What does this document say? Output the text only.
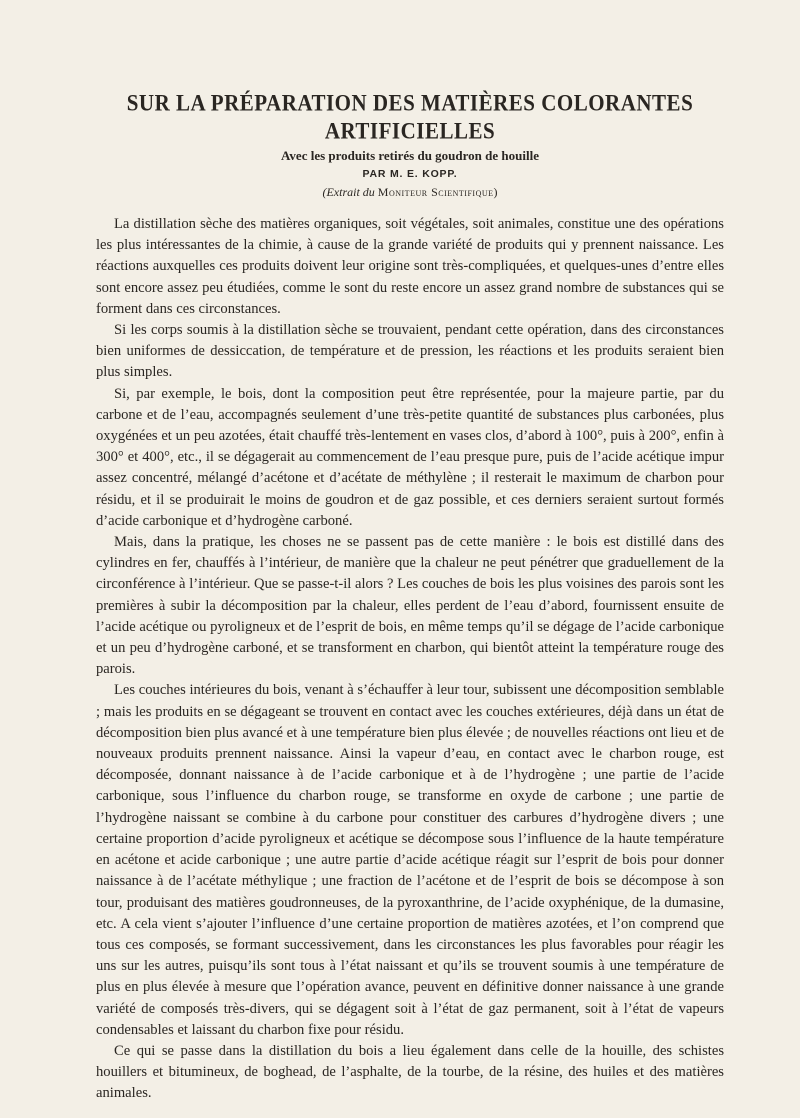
SUR LA PRÉPARATION DES MATIÈRES COLORANTES ARTIFICIELLES
Avec les produits retirés du goudron de houille
PAR M. E. KOPP.
(Extrait du Moniteur Scientifique)

La distillation sèche des matières organiques, soit végétales, soit animales, constitue une des opérations les plus intéressantes de la chimie, à cause de la grande variété de produits qui y prennent naissance. Les réactions auxquelles ces produits doivent leur origine sont très-compliquées, et quelques-unes d’entre elles sont encore assez peu étudiées, comme le sont du reste encore un assez grand nombre de substances qui se forment dans ces circonstances.

Si les corps soumis à la distillation sèche se trouvaient, pendant cette opération, dans des circonstances bien uniformes de dessiccation, de température et de pression, les réactions et les produits seraient bien plus simples.

Si, par exemple, le bois, dont la composition peut être représentée, pour la majeure partie, par du carbone et de l’eau, accompagnés seulement d’une très-petite quantité de substances plus carbonées, plus oxygénées et un peu azotées, était chauffé très-lentement en vases clos, d’abord à 100°, puis à 200°, enfin à 300° et 400°, etc., il se dégagerait au commencement de l’eau presque pure, puis de l’acide acétique impur assez concentré, mélangé d’acétone et d’acétate de méthylène ; il resterait le maximum de charbon pour résidu, et il se produirait le moins de goudron et de gaz possible, et ces derniers seraient surtout formés d’acide carbonique et d’hydrogène carboné.

Mais, dans la pratique, les choses ne se passent pas de cette manière : le bois est distillé dans des cylindres en fer, chauffés à l’intérieur, de manière que la chaleur ne peut pénétrer que graduellement de la circonférence à l’intérieur. Que se passe-t-il alors ? Les couches de bois les plus voisines des parois sont les premières à subir la décomposition par la chaleur, elles perdent de l’eau d’abord, fournissent ensuite de l’acide acétique ou pyroligneux et de l’esprit de bois, en même temps qu’il se dégage de l’acide carbonique et un peu d’hydrogène carboné, et se transforment en charbon, qui bientôt atteint la température rouge des parois.

Les couches intérieures du bois, venant à s’échauffer à leur tour, subissent une décomposition semblable ; mais les produits en se dégageant se trouvent en contact avec les couches extérieures, déjà dans un état de décomposition bien plus avancé et à une température bien plus élevée ; de nouvelles réactions ont lieu et de nouveaux produits prennent naissance. Ainsi la vapeur d’eau, en contact avec le charbon rouge, est décomposée, donnant naissance à de l’acide carbonique et à de l’hydrogène ; une partie de l’acide carbonique, sous l’influence du charbon rouge, se transforme en oxyde de carbone ; une partie de l’hydrogène naissant se combine à du carbone pour constituer des carbures d’hydrogène divers ; une certaine proportion d’acide pyroligneux et acétique se décompose sous l’influence de la haute température en acétone et acide carbonique ; une autre partie d’acide acétique réagit sur l’esprit de bois pour donner naissance à de l’acétate méthylique ; une fraction de l’acétone et de l’esprit de bois se décompose à son tour, produisant des matières goudronneuses, de la pyroxanthrine, de l’acide oxyphénique, de la dumasine, etc. A cela vient s’ajouter l’influence d’une certaine proportion de matières azotées, et l’on comprend que tous ces composés, se formant successivement, dans les circonstances les plus favorables pour réagir les uns sur les autres, puisqu’ils sont tous à l’état naissant et qu’ils se trouvent soumis à une température de plus en plus élevée à mesure que l’opération avance, peuvent en définitive donner naissance à une grande variété de composés très-divers, qui se dégagent soit à l’état de gaz permanent, soit à l’état de vapeurs condensables et laissant du charbon fixe pour résidu.

Ce qui se passe dans la distillation du bois a lieu également dans celle de la houille, des schistes houillers et bitumineux, de boghead, de l’asphalte, de la tourbe, de la résine, des huiles et des matières animales.
